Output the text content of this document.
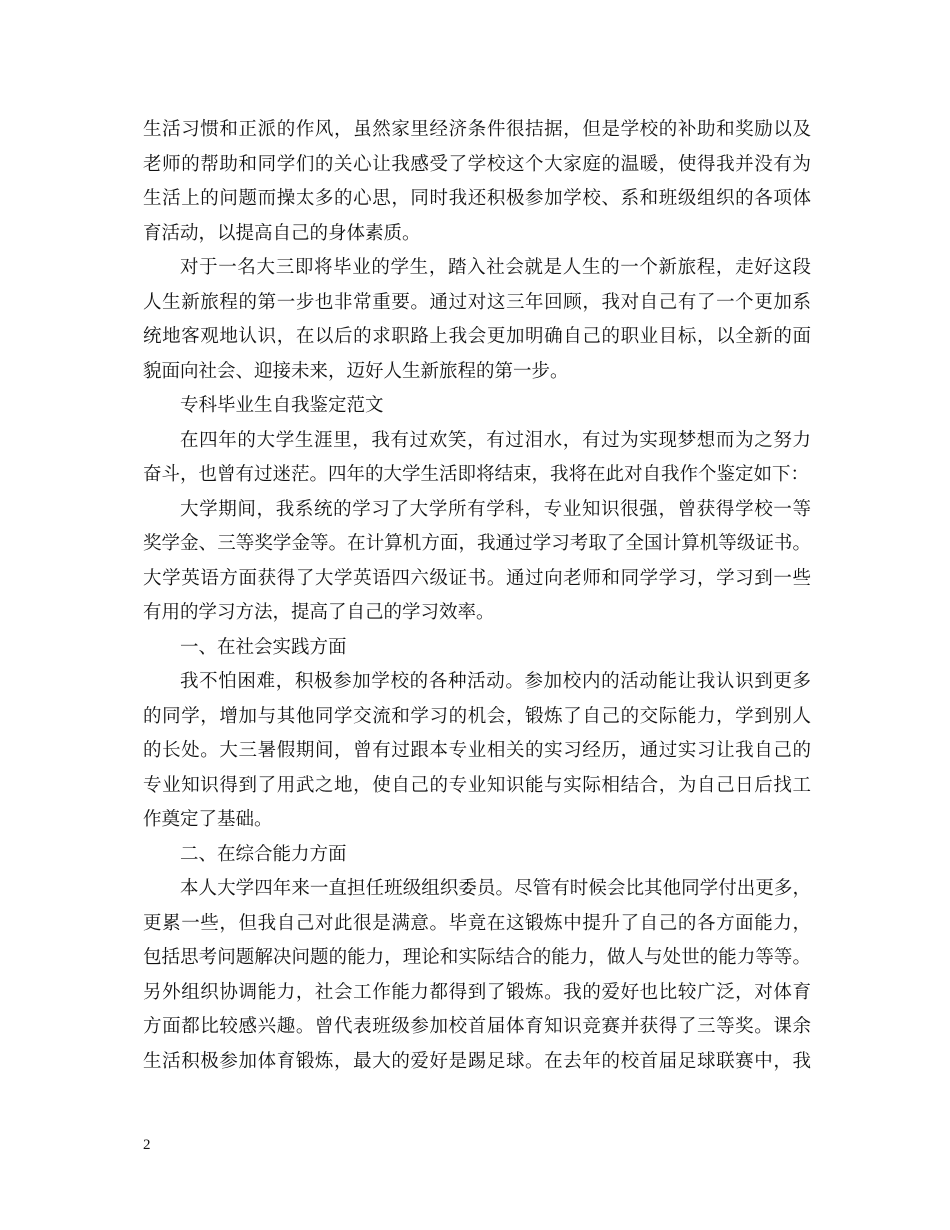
生活习惯和正派的作风，虽然家里经济条件很拮据，但是学校的补助和奖励以及
老师的帮助和同学们的关心让我感受了学校这个大家庭的温暖，使得我并没有为
生活上的问题而操太多的心思，同时我还积极参加学校、系和班级组织的各项体
育活动，以提高自己的身体素质。
对于一名大三即将毕业的学生，踏入社会就是人生的一个新旅程，走好这段
人生新旅程的第一步也非常重要。通过对这三年回顾，我对自己有了一个更加系
统地客观地认识，在以后的求职路上我会更加明确自己的职业目标，以全新的面
貌面向社会、迎接未来，迈好人生新旅程的第一步。
专科毕业生自我鉴定范文
在四年的大学生涯里，我有过欢笑，有过泪水，有过为实现梦想而为之努力
奋斗，也曾有过迷茫。四年的大学生活即将结束，我将在此对自我作个鉴定如下：
大学期间，我系统的学习了大学所有学科，专业知识很强，曾获得学校一等
奖学金、三等奖学金等。在计算机方面，我通过学习考取了全国计算机等级证书。
大学英语方面获得了大学英语四六级证书。通过向老师和同学学习，学习到一些
有用的学习方法，提高了自己的学习效率。
一、在社会实践方面
我不怕困难，积极参加学校的各种活动。参加校内的活动能让我认识到更多
的同学，增加与其他同学交流和学习的机会，锻炼了自己的交际能力，学到别人
的长处。大三暑假期间，曾有过跟本专业相关的实习经历，通过实习让我自己的
专业知识得到了用武之地，使自己的专业知识能与实际相结合，为自己日后找工
作奠定了基础。
二、在综合能力方面
本人大学四年来一直担任班级组织委员。尽管有时候会比其他同学付出更多，
更累一些，但我自己对此很是满意。毕竟在这锻炼中提升了自己的各方面能力，
包括思考问题解决问题的能力，理论和实际结合的能力，做人与处世的能力等等。
另外组织协调能力，社会工作能力都得到了锻炼。我的爱好也比较广泛，对体育
方面都比较感兴趣。曾代表班级参加校首届体育知识竞赛并获得了三等奖。课余
生活积极参加体育锻炼，最大的爱好是踢足球。在去年的校首届足球联赛中，我
2
